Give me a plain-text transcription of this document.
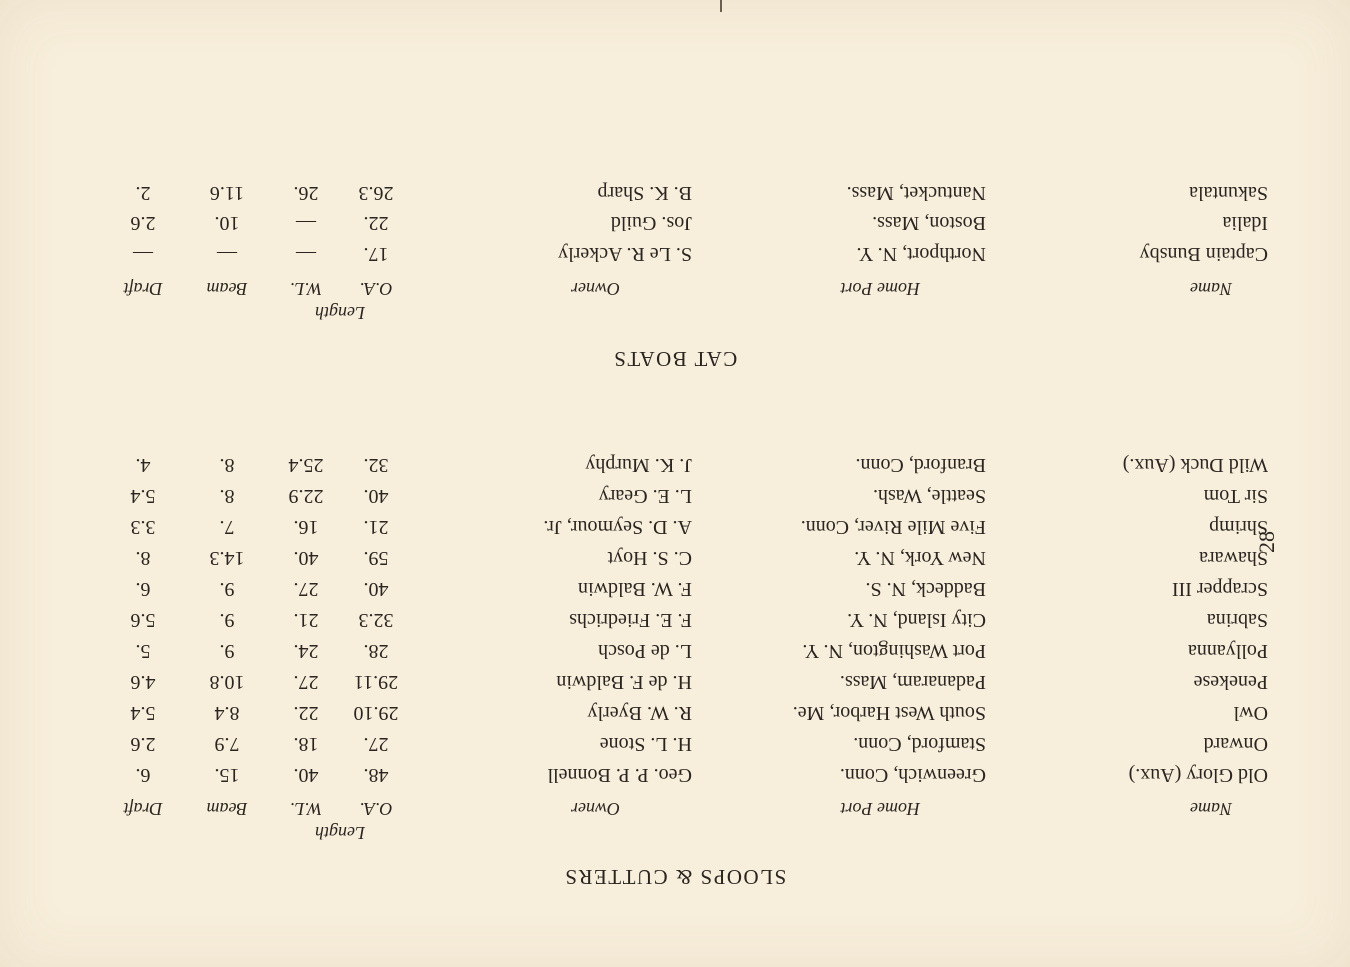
SLOOPS & CUTTERS
Length
Name
Home Port
Owner
O.A.
W.L.
Beam
Draft
Old Glory (Aux.)
Greenwich, Conn.
Geo. P. P. Bonnell
48.
40.
15.
6.
Onward
Stamford, Conn.
H. L. Stone
27.
18.
7.9
2.6
Owl
South West Harbor, Me.
R. W. Byerly
29.10
22.
8.4
5.4
Penekese
Padanaram, Mass.
H. de F. Baldwin
29.11
27.
10.8
4.6
Pollyanna
Port Washington, N. Y.
L. de Posch
28.
24.
9.
5.
Sabrina
City Island, N. Y.
F. E. Friedrichs
32.3
21.
9.
5.6
Scrapper III
Baddeck, N. S.
F. W. Baldwin
40.
27.
9.
6.
Shawara
New York, N. Y.
C. S. Hoyt
59.
40.
14.3
8.
Shrimp
Five Mile River, Conn.
A. D. Seymour, Jr.
21.
16.
7.
3.3
Sir Tom
Seattle, Wash.
L. E. Geary
40.
22.9
8.
5.4
Wild Duck (Aux.)
Branford, Conn.
J. K. Murphy
32.
25.4
8.
4.
CAT BOATS
Length
Name
Home Port
Owner
O.A.
W.L.
Beam
Draft
Captain Bunsby
Northport, N. Y.
S. Le R. Ackerly
17.
—
—
—
Idalia
Boston, Mass.
Jos. Guild
22.
—
10.
2.6
Sakuntala
Nantucket, Mass.
B. K. Sharp
26.3
26.
11.6
2.
28
